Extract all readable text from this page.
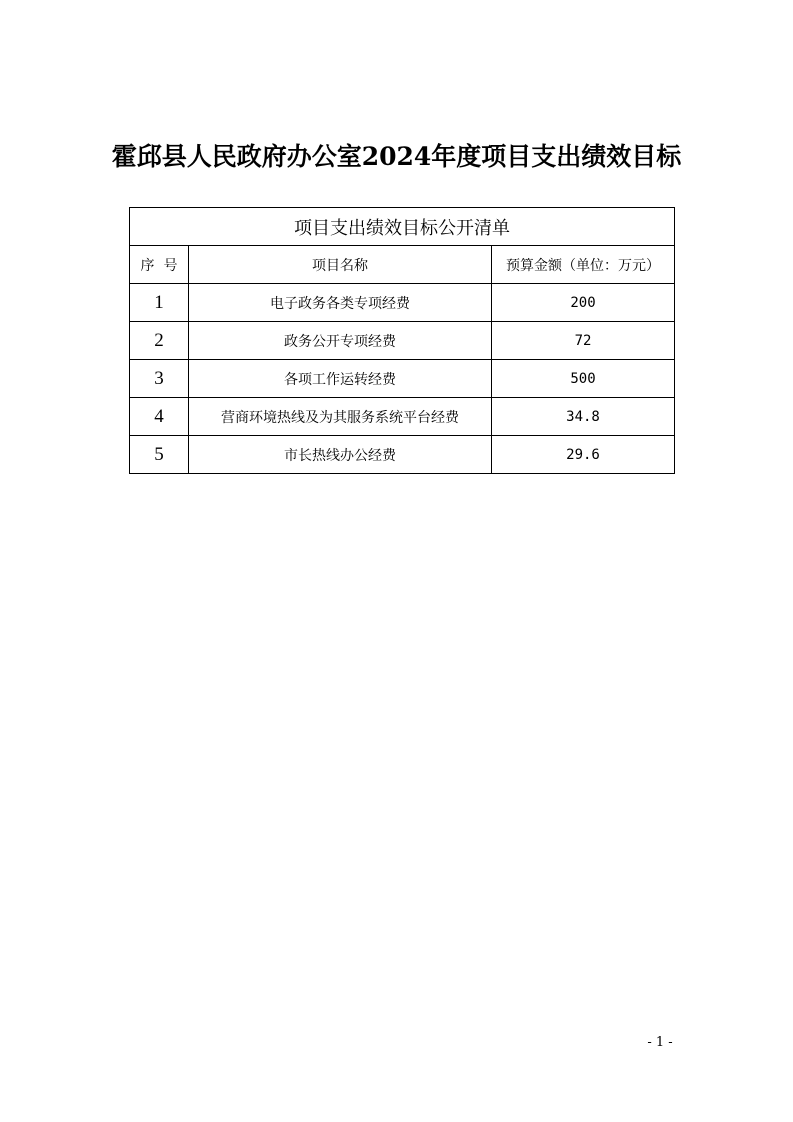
霍邱县人民政府办公室2024年度项目支出绩效目标
项目支出绩效目标公开清单		
序  号	项目名称	预算金额（单位：万元）
1	电子政务各类专项经费	200
2	政务公开专项经费	72
3	各项工作运转经费	500
4	营商环境热线及为其服务系统平台经费	34.8
5	市长热线办公经费	29.6
- 1 -
